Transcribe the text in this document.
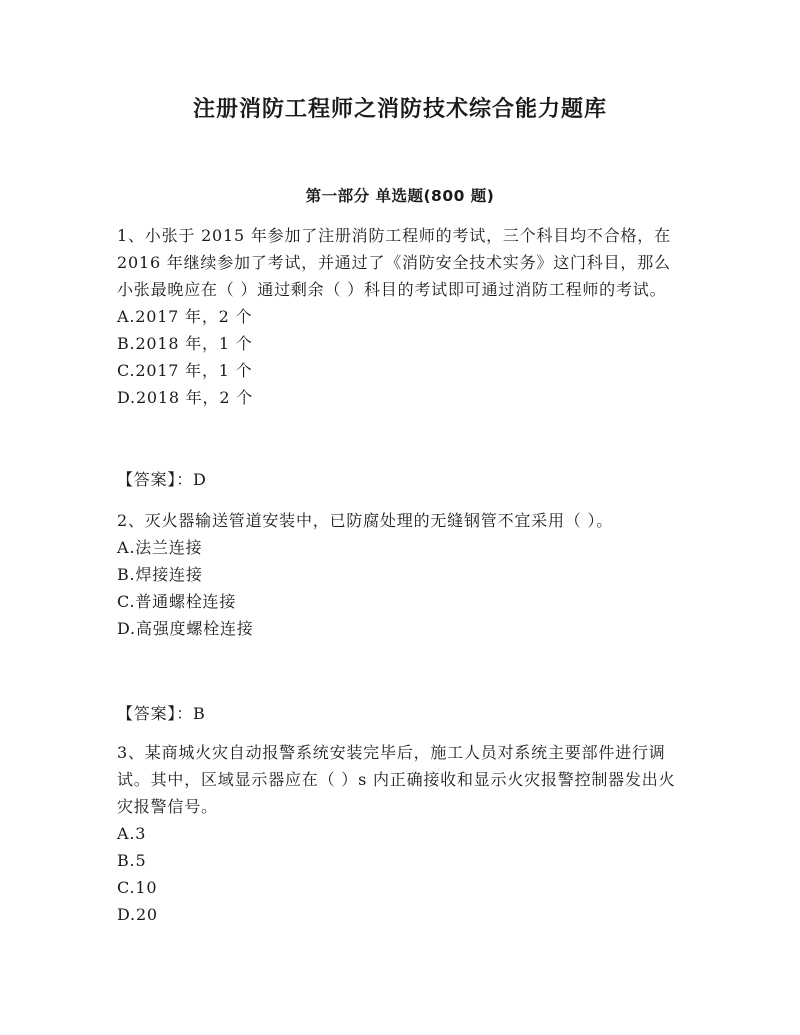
注册消防工程师之消防技术综合能力题库
第一部分 单选题(800 题)

1、小张于 2015 年参加了注册消防工程师的考试，三个科目均不合格，在 2016 年继续参加了考试，并通过了《消防安全技术实务》这门科目，那么小张最晚应在（ ）通过剩余（ ）科目的考试即可通过消防工程师的考试。

A.2017 年，2 个

B.2018 年，1 个

C.2017 年，1 个

D.2018 年，2 个

【答案】：D

2、灭火器输送管道安装中，已防腐处理的无缝钢管不宜采用（ ）。

A.法兰连接

B.焊接连接

C.普通螺栓连接

D.高强度螺栓连接

【答案】：B

3、某商城火灾自动报警系统安装完毕后，施工人员对系统主要部件进行调试。其中，区域显示器应在（ ）s 内正确接收和显示火灾报警控制器发出火灾报警信号。

A.3

B.5

C.10

D.20
